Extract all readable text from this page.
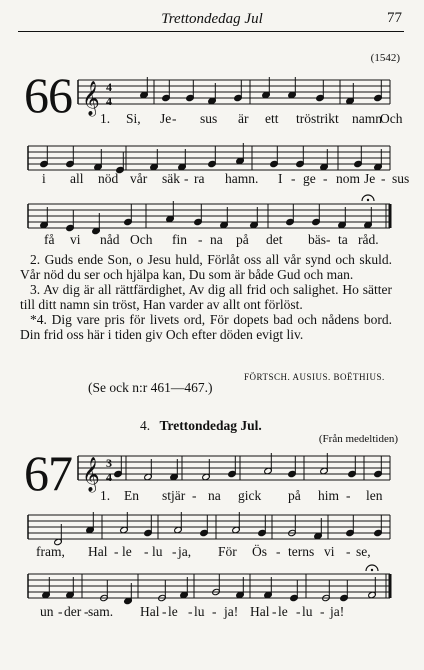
Trettondedag Jul	77
(1542)
66 𝄞 4
4
1. Si, Je - sus är ett tröstrikt namn
Och
i all nöd vår säk - ra hamn. I - ge - nom Je - sus
få vi nåd Och fin - na på det bäs - ta råd.

2. Guds ende Son, o Jesu huld, Förlåt oss all vår synd och skuld. Vår nöd du ser och hjälpa kan, Du som är både Gud och man.

3. Av dig är all rättfärdighet, Av dig all frid och salighet. Ho sätter till ditt namn sin tröst, Han varder av allt ont förlöst.

*4. Dig vare pris för livets ord, För dopets bad och nådens bord. Din frid oss här i tiden giv Och efter döden evigt liv.

FÖRTSCH. AUSIUS. BOËTHIUS.
(Se ock n:r 461—467.)
4. Trettondedag Jul.
(Från medeltiden)
67 𝄞 3
4
1. En stjär - na gick på him - len
fram, Hal - le - lu - ja, För Ös - terns vi - se,
un - der - sam. Hal - le - lu - ja! Hal - le - lu - ja!
